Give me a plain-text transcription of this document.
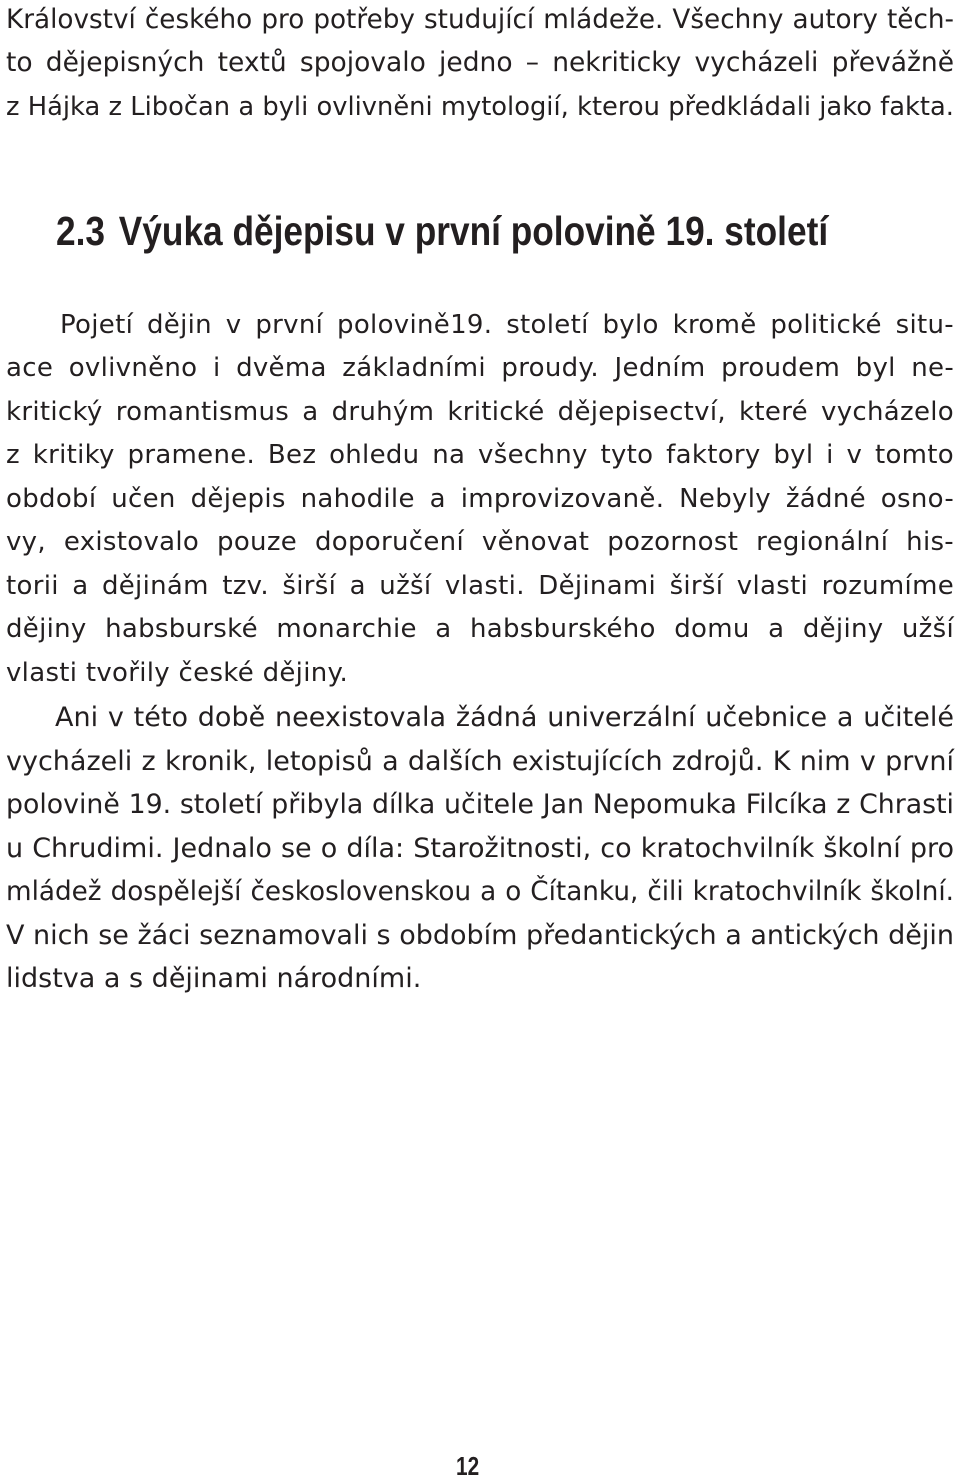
Království českého pro potřeby studující mládeže. Všechny autory těch-
to dějepisných textů spojovalo jedno – nekriticky vycházeli převážně
z Hájka z Libočan a byli ovlivněni mytologií, kterou předkládali jako fakta.
2.3 Výuka dějepisu v první polovině 19. století
Pojetí dějin v první polovině19. století bylo kromě politické situ-
ace ovlivněno i dvěma základními proudy. Jedním proudem byl ne-
kritický romantismus a druhým kritické dějepisectví, které vycházelo
z kritiky pramene. Bez ohledu na všechny tyto faktory byl i v tomto
období učen dějepis nahodile a improvizovaně. Nebyly žádné osno-
vy, existovalo pouze doporučení věnovat pozornost regionální his-
torii a dějinám tzv. širší a užší vlasti. Dějinami širší vlasti rozumíme
dějiny habsburské monarchie a habsburského domu a dějiny užší
vlasti tvořily české dějiny.
Ani v této době neexistovala žádná univerzální učebnice a učitelé
vycházeli z kronik, letopisů a dalších existujících zdrojů. K nim v první
polovině 19. století přibyla dílka učitele Jan Nepomuka Filcíka z Chrasti
u Chrudimi. Jednalo se o díla: Starožitnosti, co kratochvilník školní pro
mládež dospělejší československou a o Čítanku, čili kratochvilník školní.
V nich se žáci seznamovali s obdobím předantických a antických dějin
lidstva a s dějinami národními.
12
